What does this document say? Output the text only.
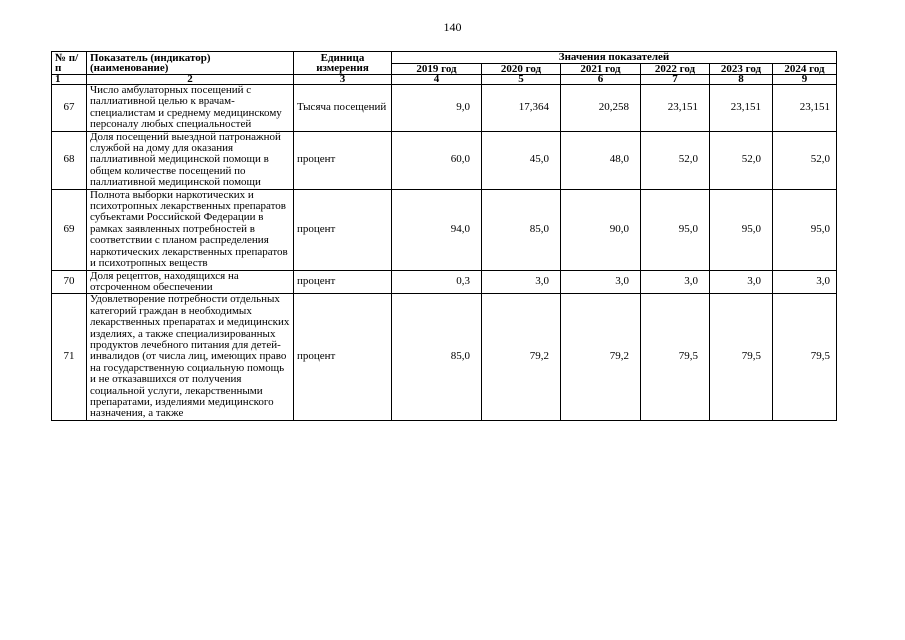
140
№ п/п	Показатель (индикатор) (наименование)	Единица измерения	Значения показателей					
			2019 год	2020 год	2021 год	2022 год	2023 год	2024 год
1	2	3	4	5	6	7	8	9
67	Число амбулаторных посещений с паллиативной целью к врачам-специалистам и среднему медицинскому персоналу любых специальностей	Тысяча посещений	9,0	17,364	20,258	23,151	23,151	23,151
68	Доля посещений выездной патронажной службой на дому для оказания паллиативной медицинской помощи в общем количестве посещений по паллиативной медицинской помощи	процент	60,0	45,0	48,0	52,0	52,0	52,0
69	Полнота выборки наркотических и психотропных лекарственных препаратов субъектами Российской Федерации в рамках заявленных потребностей в соответствии с планом распределения наркотических лекарственных препаратов и психотропных веществ	процент	94,0	85,0	90,0	95,0	95,0	95,0
70	Доля рецептов, находящихся на отсроченном обеспечении	процент	0,3	3,0	3,0	3,0	3,0	3,0
71	Удовлетворение потребности отдельных категорий граждан в необходимых лекарственных препаратах и медицинских изделиях, а также специализированных продуктов лечебного питания для детей-инвалидов (от числа лиц, имеющих право на государственную социальную помощь и не отказавшихся от получения социальной услуги, лекарственными препаратами, изделиями медицинского назначения, а также	процент	85,0	79,2	79,2	79,5	79,5	79,5
